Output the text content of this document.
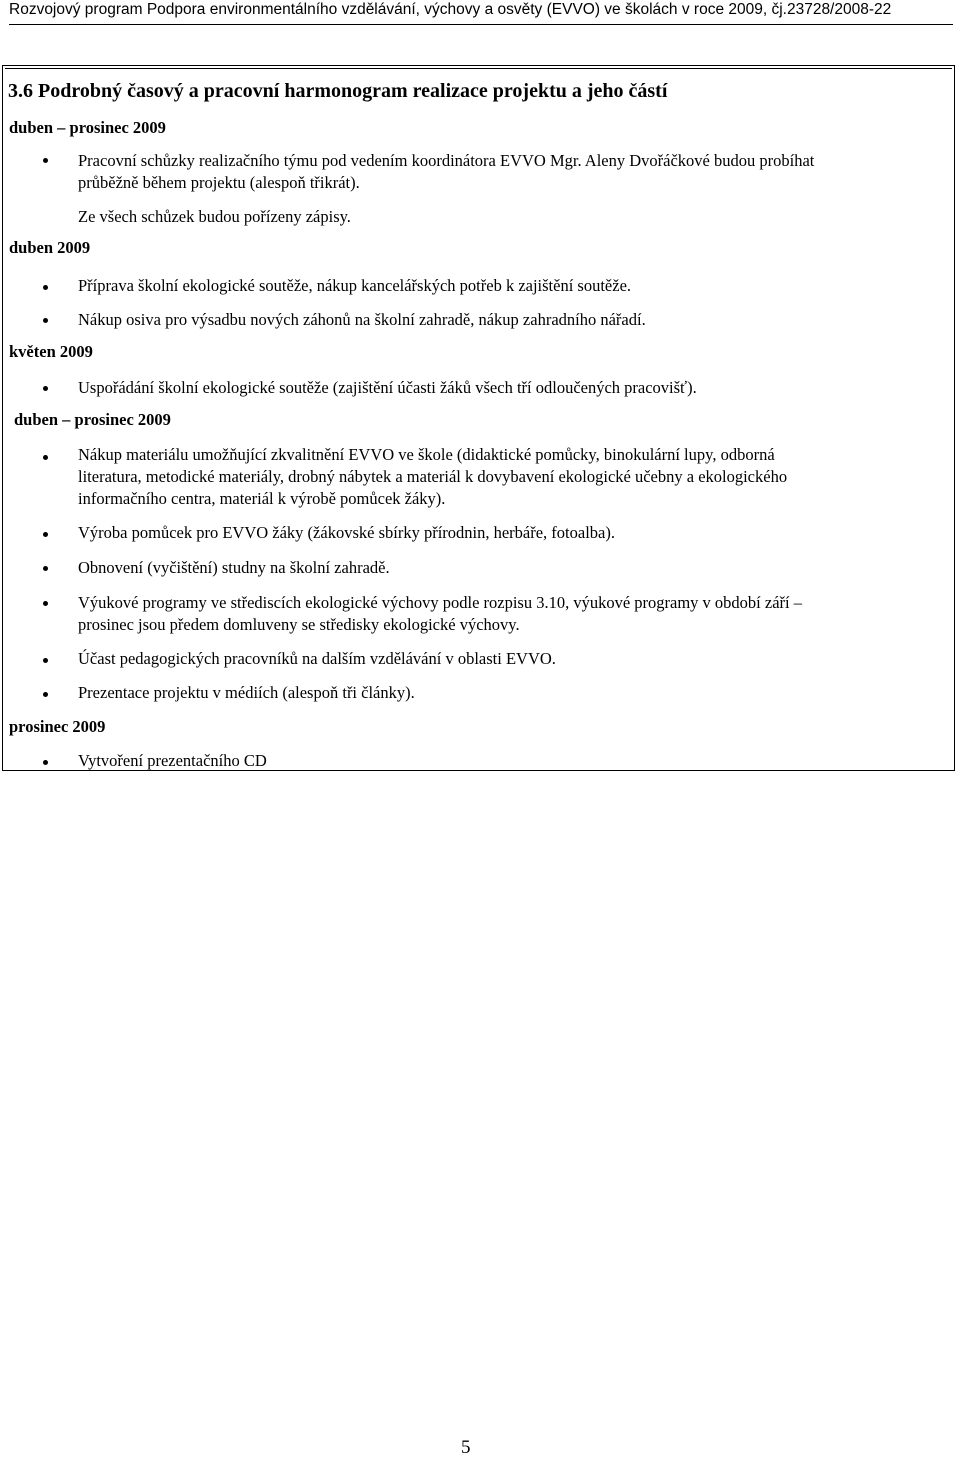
Rozvojový program Podpora environmentálního vzdělávání, výchovy a osvěty (EVVO) ve školách v roce 2009, čj.23728/2008-22
3.6 Podrobný časový a pracovní harmonogram realizace projektu a jeho částí
duben – prosinec 2009
Pracovní schůzky realizačního týmu pod vedením koordinátora EVVO Mgr. Aleny Dvořáčkové budou probíhat
průběžně během projektu (alespoň třikrát).
Ze všech schůzek budou pořízeny zápisy.
duben 2009
Příprava školní ekologické soutěže, nákup kancelářských potřeb k zajištění soutěže.
Nákup osiva pro výsadbu nových záhonů na školní zahradě, nákup zahradního nářadí.
květen 2009
Uspořádání školní ekologické soutěže (zajištění účasti žáků všech tří odloučených pracovišť).
duben – prosinec 2009
Nákup materiálu umožňující zkvalitnění EVVO ve škole (didaktické pomůcky, binokulární lupy, odborná
literatura, metodické materiály, drobný nábytek a materiál k dovybavení ekologické učebny a ekologického
informačního centra, materiál k výrobě pomůcek žáky).
Výroba pomůcek pro EVVO žáky (žákovské sbírky přírodnin, herbáře, fotoalba).
Obnovení (vyčištění) studny na školní zahradě.
Výukové programy ve střediscích ekologické výchovy podle rozpisu 3.10, výukové programy v období září –
prosinec jsou předem domluveny se středisky ekologické výchovy.
Účast pedagogických pracovníků na dalším vzdělávání v oblasti EVVO.
Prezentace projektu v médiích (alespoň tři články).
prosinec 2009
Vytvoření prezentačního CD
5
